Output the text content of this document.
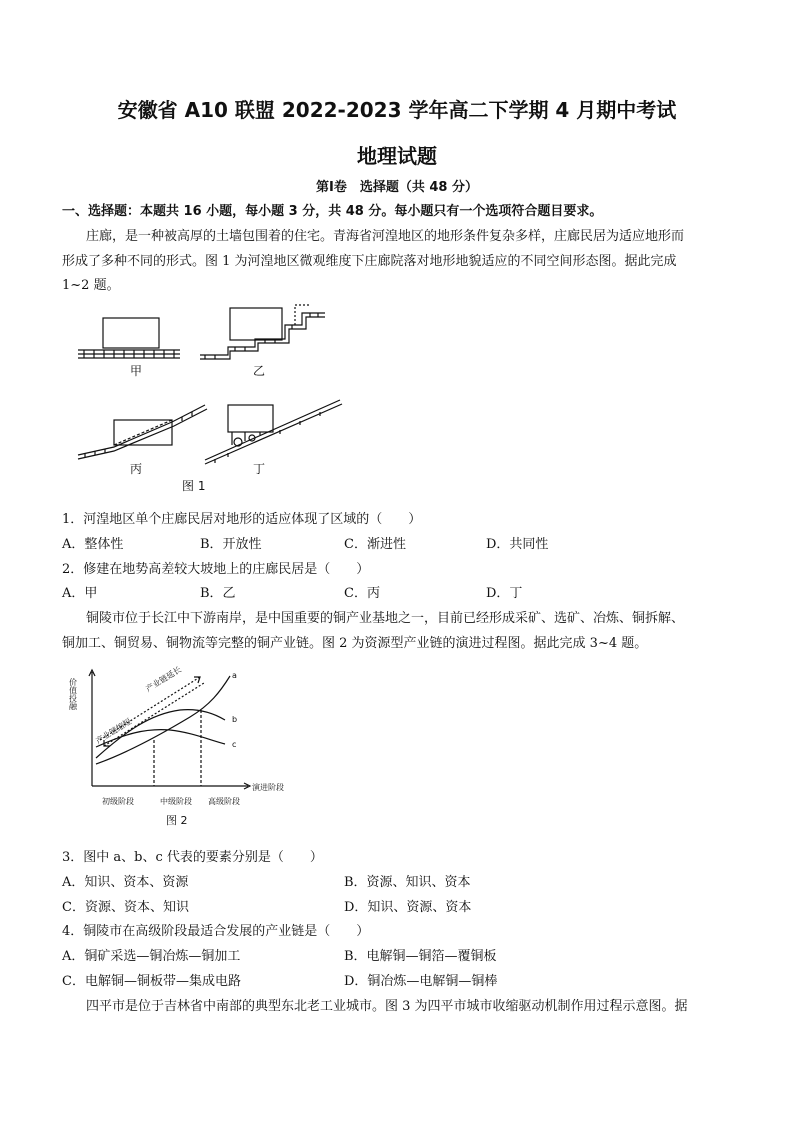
安徽省 A10 联盟 2022-2023 学年高二下学期 4 月期中考试
地理试题
第Ⅰ卷　选择题（共 48 分）
一、选择题：本题共 16 小题，每小题 3 分，共 48 分。每小题只有一个选项符合题目要求。
庄廊，是一种被高厚的土墙包围着的住宅。青海省河湟地区的地形条件复杂多样，庄廊民居为适应地形而
形成了多种不同的形式。图 1 为河湟地区微观维度下庄廊院落对地形地貌适应的不同空间形态图。据此完成
1~2 题。
甲	乙
丙	丁
图 1
1．河湟地区单个庄廊民居对地形的适应体现了区域的（　　）
A．整体性	B．开放性	C．渐进性	D．共同性
2．修建在地势高差较大坡地上的庄廊民居是（　　）
A．甲	B．乙	C．丙	D．丁
铜陵市位于长江中下游南岸，是中国重要的铜产业基地之一，目前已经形成采矿、选矿、冶炼、铜拆解、
铜加工、铜贸易、铜物流等完整的铜产业链。图 2 为资源型产业链的演进过程图。据此完成 3~4 题。
价值投融
演进阶段
a
b
c
产业链延长
产业链缩短
初级阶段	中级阶段 高级阶段
图 2
3．图中 a、b、c 代表的要素分别是（　　）
A．知识、资本、资源	B．资源、知识、资本
C．资源、资本、知识	D．知识、资源、资本
4．铜陵市在高级阶段最适合发展的产业链是（　　）
A．铜矿采选—铜冶炼—铜加工	B．电解铜—铜箔—覆铜板
C．电解铜—铜板带—集成电路	D．铜冶炼—电解铜—铜棒
四平市是位于吉林省中南部的典型东北老工业城市。图 3 为四平市城市收缩驱动机制作用过程示意图。据
